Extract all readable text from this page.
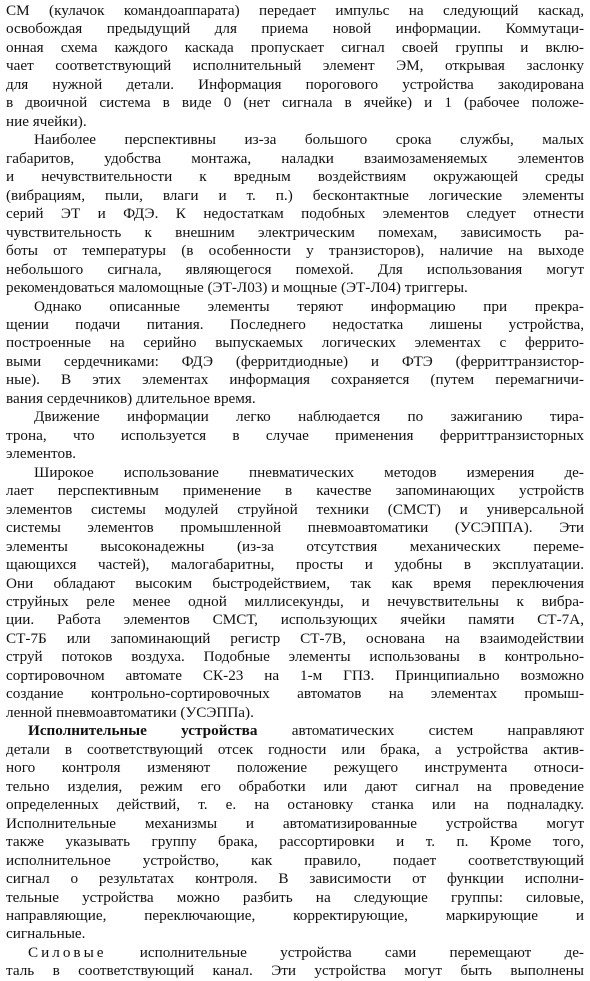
СМ (кулачок командоаппарата) передает импульс на следующий каскад,
освобождая предыдущий для приема новой информации. Коммутаци-
онная схема каждого каскада пропускает сигнал своей группы и вклю-
чает соответствующий исполнительный элемент ЭМ, открывая заслонку
для нужной детали. Информация порогового устройства закодирована
в двоичной система в виде 0 (нет сигнала в ячейке) и 1 (рабочее положе-
ние ячейки).
Наиболее перспективны из-за большого срока службы, малых
габаритов, удобства монтажа, наладки взаимозаменяемых элементов
и нечувствительности к вредным воздействиям окружающей среды
(вибрациям, пыли, влаги и т. п.) бесконтактные логические элементы
серий ЭТ и ФДЭ. К недостаткам подобных элементов следует отнести
чувствительность к внешним электрическим помехам, зависимость ра-
боты от температуры (в особенности у транзисторов), наличие на выходе
небольшого сигнала, являющегося помехой. Для использования могут
рекомендоваться маломощные (ЭТ-Л03) и мощные (ЭТ-Л04) триггеры.
Однако описанные элементы теряют информацию при прекра-
щении подачи питания. Последнего недостатка лишены устройства,
построенные на серийно выпускаемых логических элементах с феррито-
выми сердечниками: ФДЭ (ферритдиодные) и ФТЭ (ферриттранзистор-
ные). В этих элементах информация сохраняется (путем перемагничи-
вания сердечников) длительное время.
Движение информации легко наблюдается по зажиганию тира-
трона, что используется в случае применения ферриттранзисторных
элементов.
Широкое использование пневматических методов измерения де-
лает перспективным применение в качестве запоминающих устройств
элементов системы модулей струйной техники (СМСТ) и универсальной
системы элементов промышленной пневмоавтоматики (УСЭППА). Эти
элементы высоконадежны (из-за отсутствия механических переме-
щающихся частей), малогабаритны, просты и удобны в эксплуатации.
Они обладают высоким быстродействием, так как время переключения
струйных реле менее одной миллисекунды, и нечувствительны к вибра-
ции. Работа элементов СМСТ, использующих ячейки памяти СТ-7А,
СТ-7Б или запоминающий регистр СТ-7В, основана на взаимодействии
струй потоков воздуха. Подобные элементы использованы в контрольно-
сортировочном автомате СК-23 на 1-м ГПЗ. Принципиально возможно
создание контрольно-сортировочных автоматов на элементах промыш-
ленной пневмоавтоматики (УСЭППа).
Исполнительные устройства автоматических систем направляют
детали в соответствующий отсек годности или брака, а устройства актив-
ного контроля изменяют положение режущего инструмента относи-
тельно изделия, режим его обработки или дают сигнал на проведение
определенных действий, т. е. на остановку станка или на подналадку.
Исполнительные механизмы и автоматизированные устройства могут
также указывать группу брака, рассортировки и т. п. Кроме того,
исполнительное устройство, как правило, подает соответствующий
сигнал о результатах контроля. В зависимости от функции исполни-
тельные устройства можно разбить на следующие группы: силовые,
направляющие, переключающие, корректирующие, маркирующие и
сигнальные.
Силовые исполнительные устройства сами перемещают де-
таль в соответствующий канал. Эти устройства могут быть выполнены
